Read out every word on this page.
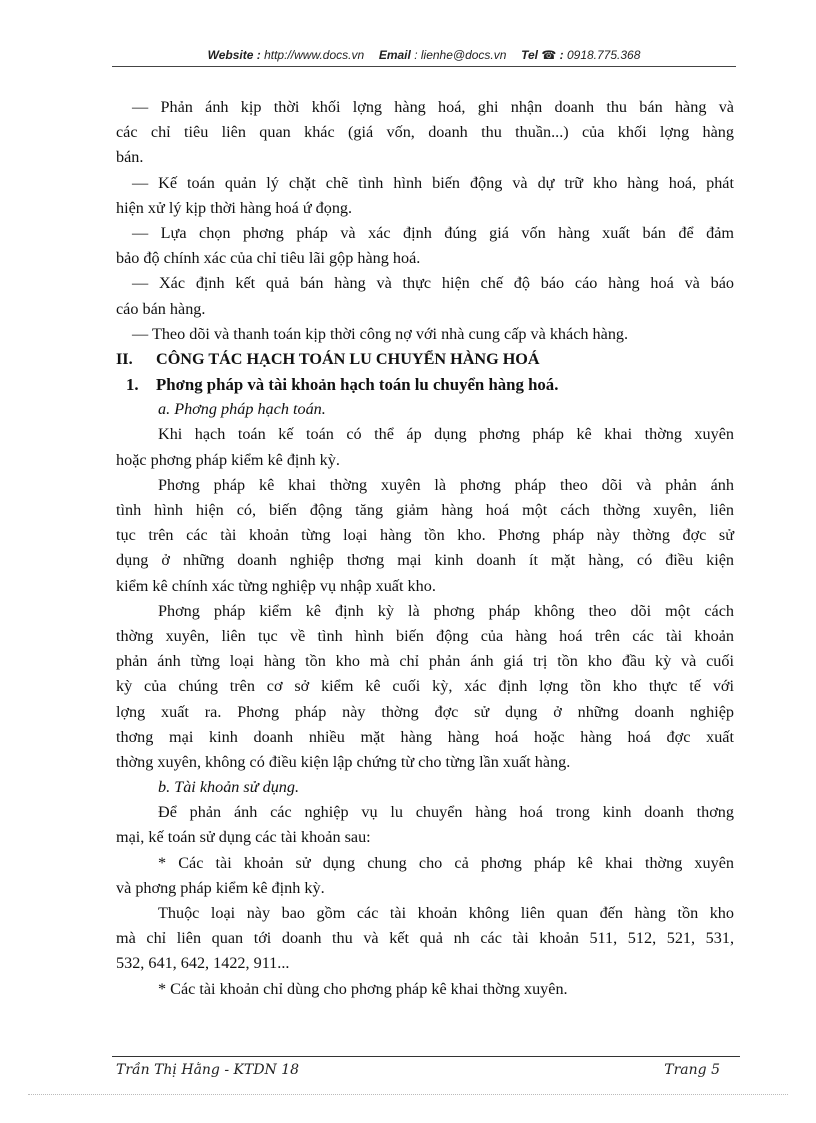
Website : http://www.docs.vn Email : lienhe@docs.vn Tel ☎ : 0918.775.368
— Phản ánh kịp thời khối lợng hàng hoá, ghi nhận doanh thu bán hàng và
các chỉ tiêu liên quan khác (giá vốn, doanh thu thuần...) của khối lợng hàng
bán.
— Kế toán quản lý chặt chẽ tình hình biến động và dự trữ kho hàng hoá, phát
hiện xử lý kịp thời hàng hoá ứ đọng.
— Lựa chọn phơng pháp và xác định đúng giá vốn hàng xuất bán để đảm
bảo độ chính xác của chỉ tiêu lãi gộp hàng hoá.
— Xác định kết quả bán hàng và thực hiện chế độ báo cáo hàng hoá và báo
cáo bán hàng.
— Theo dõi và thanh toán kịp thời công nợ với nhà cung cấp và khách hàng.
II. CÔNG TÁC HẠCH TOÁN LU CHUYỂN HÀNG HOÁ
1. Phơng pháp và tài khoản hạch toán lu chuyển hàng hoá.
a. Phơng pháp hạch toán.
Khi hạch toán kế toán có thể áp dụng phơng pháp kê khai thờng xuyên
hoặc phơng pháp kiểm kê định kỳ.
Phơng pháp kê khai thờng xuyên là phơng pháp theo dõi và phản ánh
tình hình hiện có, biến động tăng giảm hàng hoá một cách thờng xuyên, liên
tục trên các tài khoản từng loại hàng tồn kho. Phơng pháp này thờng đợc sử
dụng ở những doanh nghiệp thơng mại kinh doanh ít mặt hàng, có điều kiện
kiểm kê chính xác từng nghiệp vụ nhập xuất kho.
Phơng pháp kiểm kê định kỳ là phơng pháp không theo dõi một cách
thờng xuyên, liên tục về tình hình biến động của hàng hoá trên các tài khoản
phản ánh từng loại hàng tồn kho mà chỉ phản ánh giá trị tồn kho đầu kỳ và cuối
kỳ của chúng trên cơ sở kiểm kê cuối kỳ, xác định lợng tồn kho thực tế với
lợng xuất ra. Phơng pháp này thờng đợc sử dụng ở những doanh nghiệp
thơng mại kinh doanh nhiều mặt hàng hàng hoá hoặc hàng hoá đợc xuất
thờng xuyên, không có điều kiện lập chứng từ cho từng lần xuất hàng.
b. Tài khoản sử dụng.
Để phản ánh các nghiệp vụ lu chuyển hàng hoá trong kinh doanh thơng
mại, kế toán sử dụng các tài khoản sau:
* Các tài khoản sử dụng chung cho cả phơng pháp kê khai thờng xuyên
và phơng pháp kiểm kê định kỳ.
Thuộc loại này bao gồm các tài khoản không liên quan đến hàng tồn kho
mà chỉ liên quan tới doanh thu và kết quả nh các tài khoản 511, 512, 521, 531,
532, 641, 642, 1422, 911...
* Các tài khoản chỉ dùng cho phơng pháp kê khai thờng xuyên.
Trần Thị Hằng - KTDN 18	Trang 5
